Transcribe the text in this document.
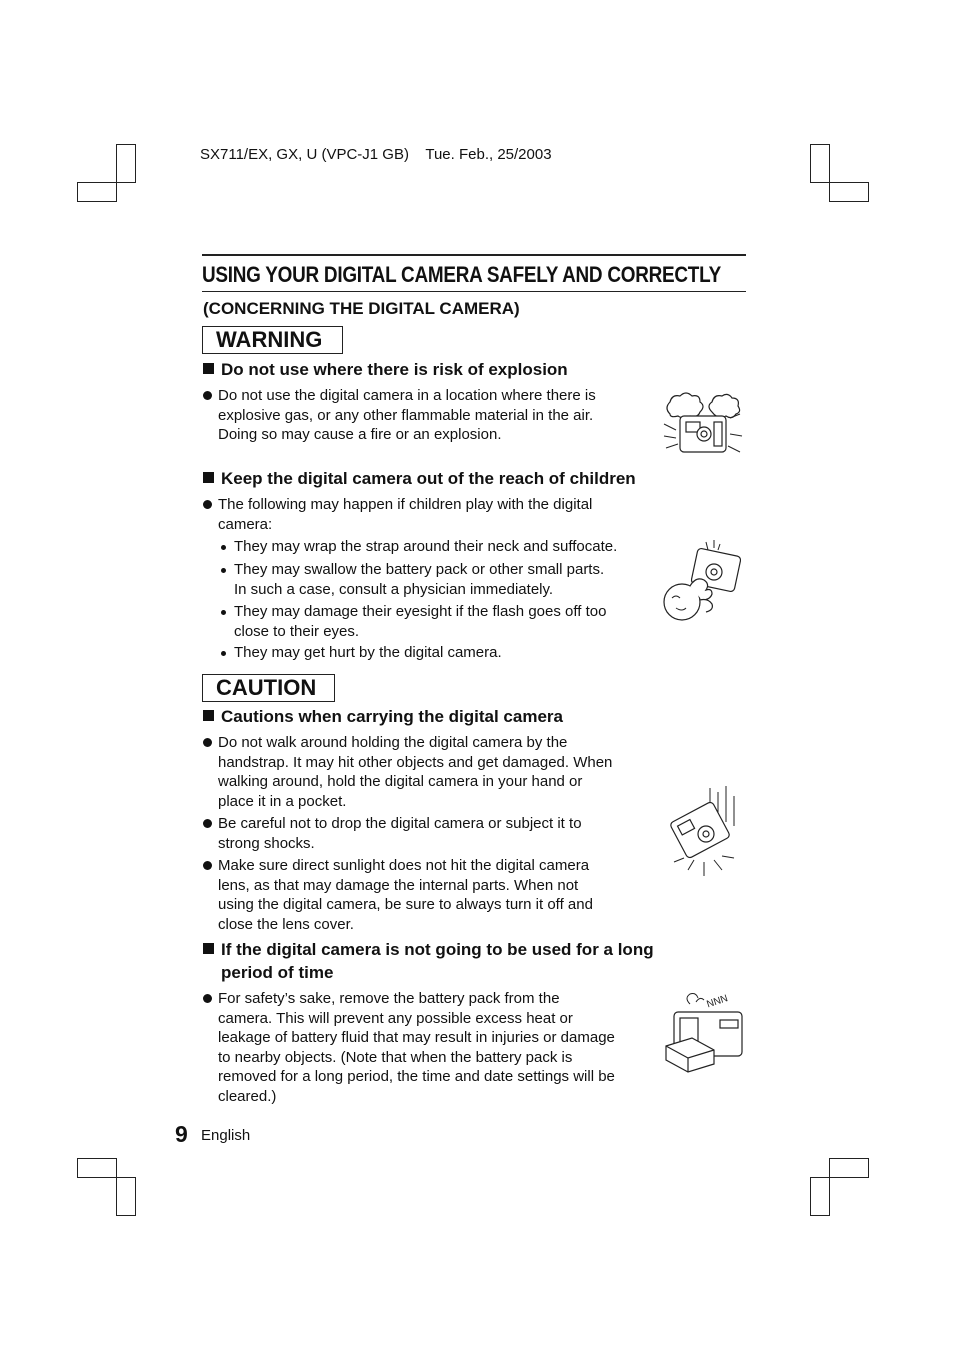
SX711/EX, GX, U (VPC-J1 GB)    Tue. Feb., 25/2003
USING YOUR DIGITAL CAMERA SAFELY AND CORRECTLY
(CONCERNING THE DIGITAL CAMERA)
WARNING
Do not use where there is risk of explosion
Do not use the digital camera in a location where there is
explosive gas, or any other flammable material in the air.
Doing so may cause a fire or an explosion.
Keep the digital camera out of the reach of children
The following may happen if children play with the digital
camera:
They may wrap the strap around their neck and suffocate.
They may swallow the battery pack or other small parts.
In such a case, consult a physician immediately.
They may damage their eyesight if the flash goes off too
close to their eyes.
They may get hurt by the digital camera.
CAUTION
Cautions when carrying the digital camera
Do not walk around holding the digital camera by the
handstrap. It may hit other objects and get damaged. When
walking around, hold the digital camera in your hand or
place it in a pocket.
Be careful not to drop the digital camera or subject it to
strong shocks.
Make sure direct sunlight does not hit the digital camera
lens, as that may damage the internal parts. When not
using the digital camera, be sure to always turn it off and
close the lens cover.
If the digital camera is not going to be used for a long
period of time
For safety’s sake, remove the battery pack from the
camera. This will prevent any possible excess heat or
leakage of battery fluid that may result in injuries or damage
to nearby objects. (Note that when the battery pack is
removed for a long period, the time and date settings will be
cleared.)
NNN
9 English
